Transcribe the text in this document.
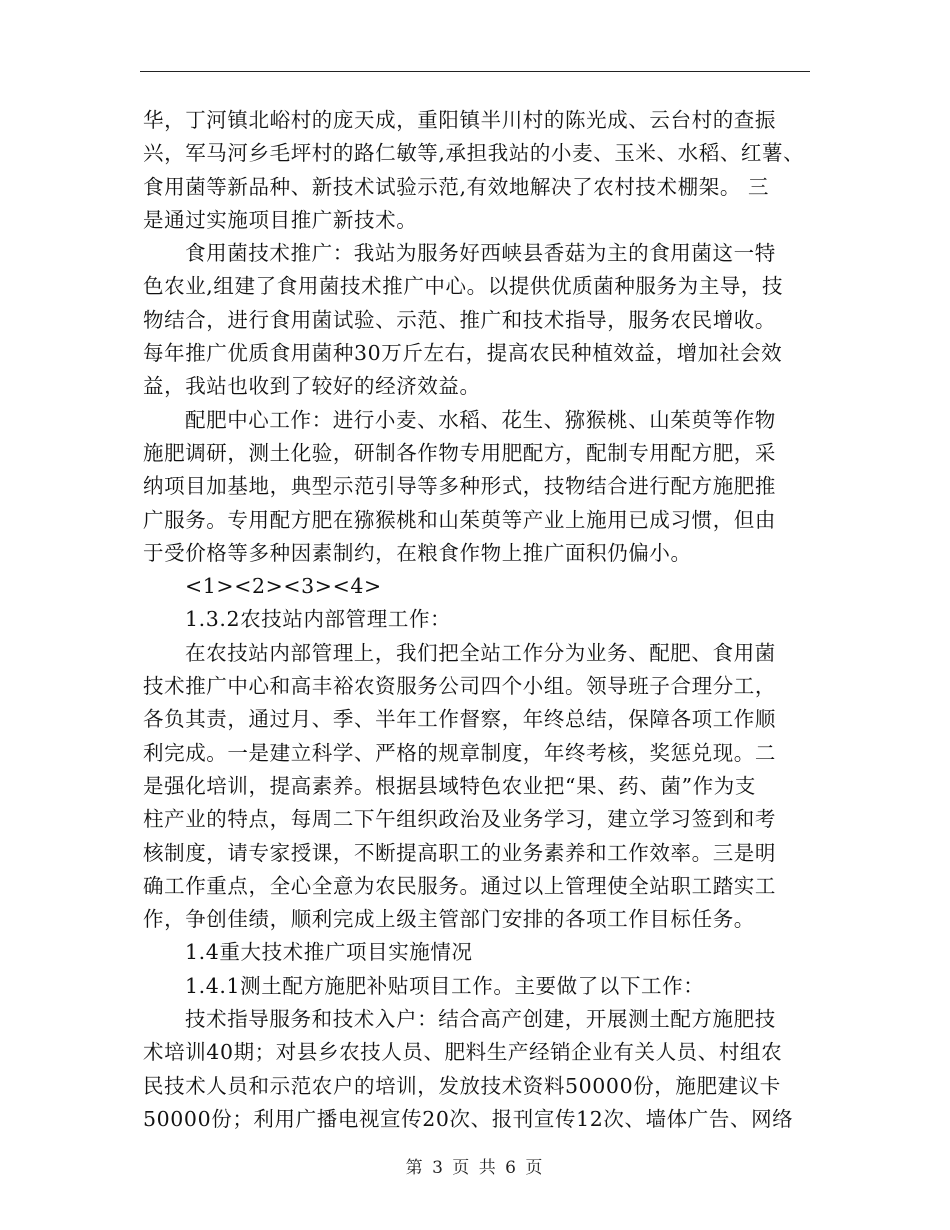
华，丁河镇北峪村的庞天成，重阳镇半川村的陈光成、云台村的查振
兴，军马河乡毛坪村的路仁敏等,承担我站的小麦、玉米、水稻、红薯、
食用菌等新品种、新技术试验示范,有效地解决了农村技术棚架。 三
是通过实施项目推广新技术。
食用菌技术推广：我站为服务好西峡县香菇为主的食用菌这一特
色农业,组建了食用菌技术推广中心。以提供优质菌种服务为主导，技
物结合，进行食用菌试验、示范、推广和技术指导，服务农民增收。
每年推广优质食用菌种30万斤左右，提高农民种植效益，增加社会效
益，我站也收到了较好的经济效益。
配肥中心工作：进行小麦、水稻、花生、猕猴桃、山茱萸等作物
施肥调研，测土化验，研制各作物专用肥配方，配制专用配方肥，采
纳项目加基地，典型示范引导等多种形式，技物结合进行配方施肥推
广服务。专用配方肥在猕猴桃和山茱萸等产业上施用已成习惯，但由
于受价格等多种因素制约，在粮食作物上推广面积仍偏小。
<1><2><3><4>
1.3.2农技站内部管理工作：
在农技站内部管理上，我们把全站工作分为业务、配肥、食用菌
技术推广中心和高丰裕农资服务公司四个小组。领导班子合理分工，
各负其责，通过月、季、半年工作督察，年终总结，保障各项工作顺
利完成。一是建立科学、严格的规章制度，年终考核，奖惩兑现。二
是强化培训，提高素养。根据县域特色农业把“果、药、菌”作为支
柱产业的特点，每周二下午组织政治及业务学习，建立学习签到和考
核制度，请专家授课，不断提高职工的业务素养和工作效率。三是明
确工作重点，全心全意为农民服务。通过以上管理使全站职工踏实工
作，争创佳绩，顺利完成上级主管部门安排的各项工作目标任务。
1.4重大技术推广项目实施情况
1.4.1测土配方施肥补贴项目工作。主要做了以下工作：
技术指导服务和技术入户：结合高产创建，开展测土配方施肥技
术培训40期；对县乡农技人员、肥料生产经销企业有关人员、村组农
民技术人员和示范农户的培训，发放技术资料50000份，施肥建议卡
50000份；利用广播电视宣传20次、报刊宣传12次、墙体广告、网络
第 3 页 共 6 页
